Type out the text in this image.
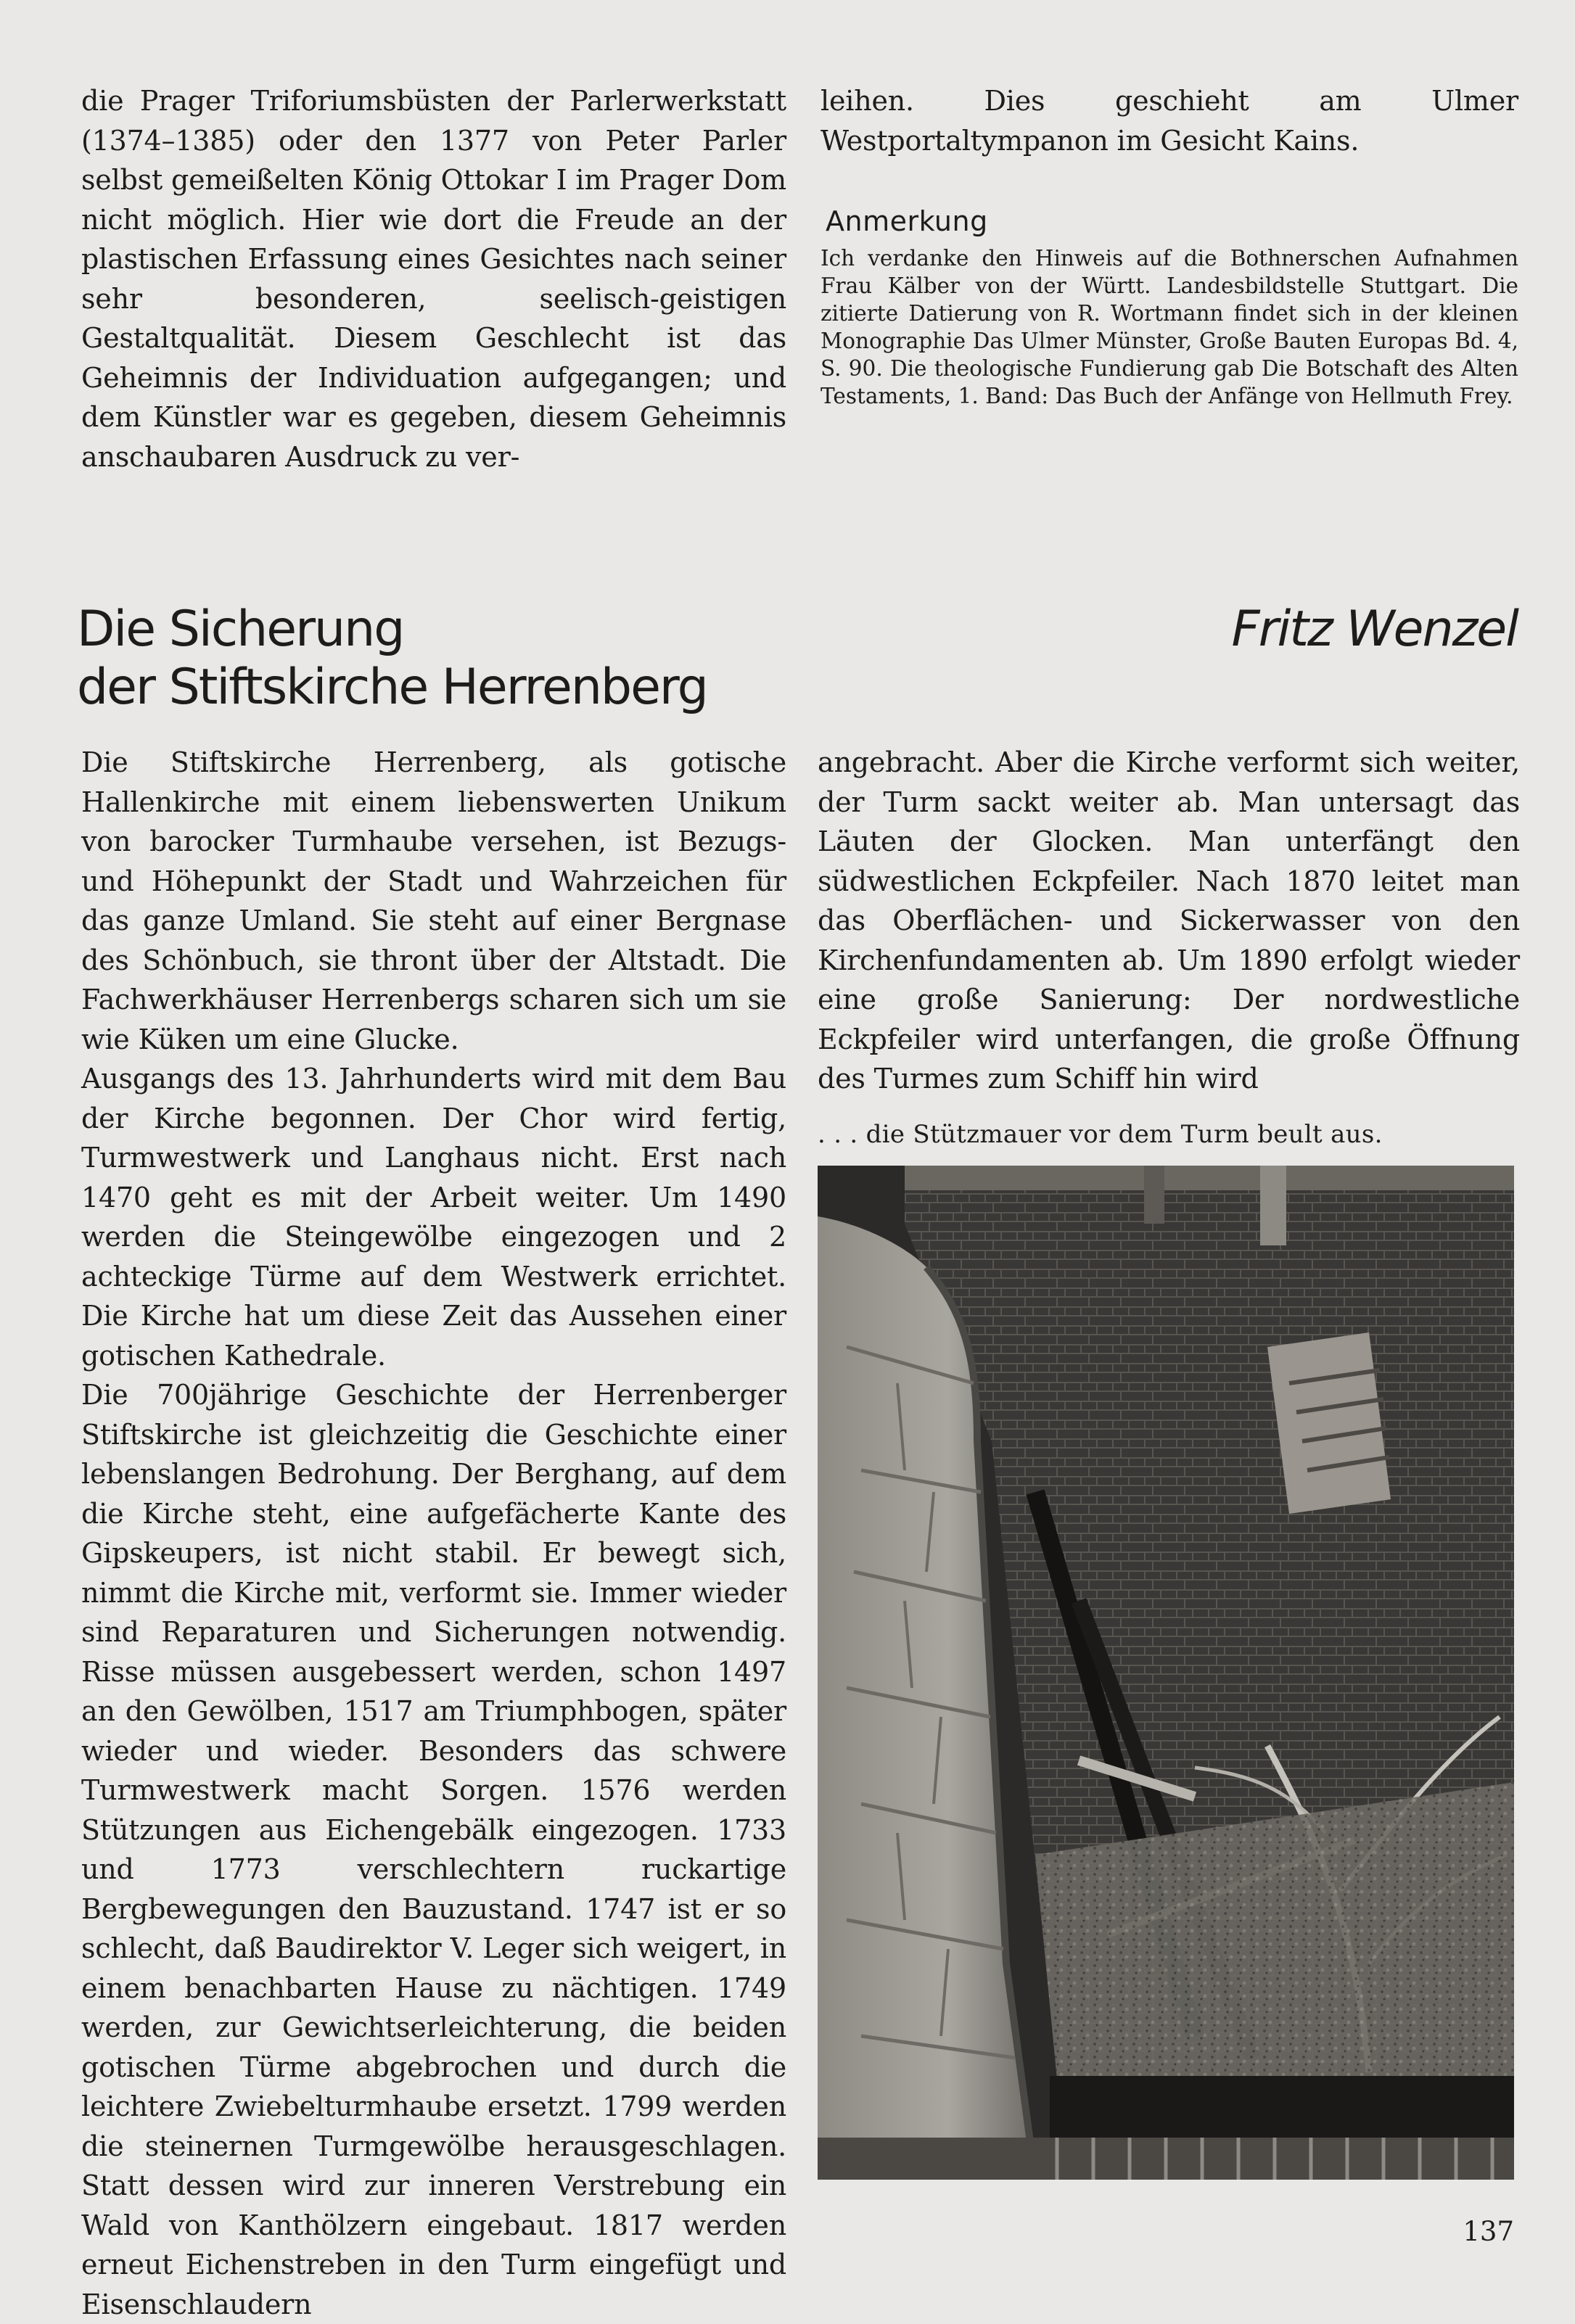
die Prager Triforiumsbüsten der Parlerwerkstatt (1374–1385) oder den 1377 von Peter Parler selbst gemeißelten König Ottokar I im Prager Dom nicht möglich. Hier wie dort die Freude an der plastischen Erfassung eines Gesichtes nach seiner sehr besonderen, seelisch-geistigen Gestaltqualität. Diesem Geschlecht ist das Geheimnis der Individuation aufgegangen; und dem Künstler war es gegeben, diesem Geheimnis anschaubaren Ausdruck zu ver-

leihen. Dies geschieht am Ulmer Westportaltympanon im Gesicht Kains.

Anmerkung

Ich verdanke den Hinweis auf die Bothnerschen Aufnahmen Frau Kälber von der Württ. Landesbildstelle Stuttgart. Die zitierte Datierung von R. Wortmann findet sich in der kleinen Monographie Das Ulmer Münster, Große Bauten Europas Bd. 4, S. 90. Die theologische Fundierung gab Die Botschaft des Alten Testaments, 1. Band: Das Buch der Anfänge von Hellmuth Frey.

Die Sicherung
der Stiftskirche Herrenberg
Fritz Wenzel

Die Stiftskirche Herrenberg, als gotische Hallenkirche mit einem liebenswerten Unikum von barocker Turmhaube versehen, ist Bezugs- und Höhepunkt der Stadt und Wahrzeichen für das ganze Umland. Sie steht auf einer Bergnase des Schönbuch, sie thront über der Altstadt. Die Fachwerkhäuser Herrenbergs scharen sich um sie wie Küken um eine Glucke.

Ausgangs des 13. Jahrhunderts wird mit dem Bau der Kirche begonnen. Der Chor wird fertig, Turmwestwerk und Langhaus nicht. Erst nach 1470 geht es mit der Arbeit weiter. Um 1490 werden die Steingewölbe eingezogen und 2 achteckige Türme auf dem Westwerk errichtet. Die Kirche hat um diese Zeit das Aussehen einer gotischen Kathedrale.

Die 700jährige Geschichte der Herrenberger Stiftskirche ist gleichzeitig die Geschichte einer lebenslangen Bedrohung. Der Berghang, auf dem die Kirche steht, eine aufgefächerte Kante des Gipskeupers, ist nicht stabil. Er bewegt sich, nimmt die Kirche mit, verformt sie. Immer wieder sind Reparaturen und Sicherungen notwendig. Risse müssen ausgebessert werden, schon 1497 an den Gewölben, 1517 am Triumphbogen, später wieder und wieder. Besonders das schwere Turmwestwerk macht Sorgen. 1576 werden Stützungen aus Eichengebälk eingezogen. 1733 und 1773 verschlechtern ruckartige Bergbewegungen den Bauzustand. 1747 ist er so schlecht, daß Baudirektor V. Leger sich weigert, in einem benachbarten Hause zu nächtigen. 1749 werden, zur Gewichtserleichterung, die beiden gotischen Türme abgebrochen und durch die leichtere Zwiebelturmhaube ersetzt. 1799 werden die steinernen Turmgewölbe herausgeschlagen. Statt dessen wird zur inneren Verstrebung ein Wald von Kanthölzern eingebaut. 1817 werden erneut Eichenstreben in den Turm eingefügt und Eisenschlaudern

angebracht. Aber die Kirche verformt sich weiter, der Turm sackt weiter ab. Man untersagt das Läuten der Glocken. Man unterfängt den südwestlichen Eckpfeiler. Nach 1870 leitet man das Oberflächen- und Sickerwasser von den Kirchenfundamenten ab. Um 1890 erfolgt wieder eine große Sanierung: Der nordwestliche Eckpfeiler wird unterfangen, die große Öffnung des Turmes zum Schiff hin wird

. . . die Stützmauer vor dem Turm beult aus.
137
